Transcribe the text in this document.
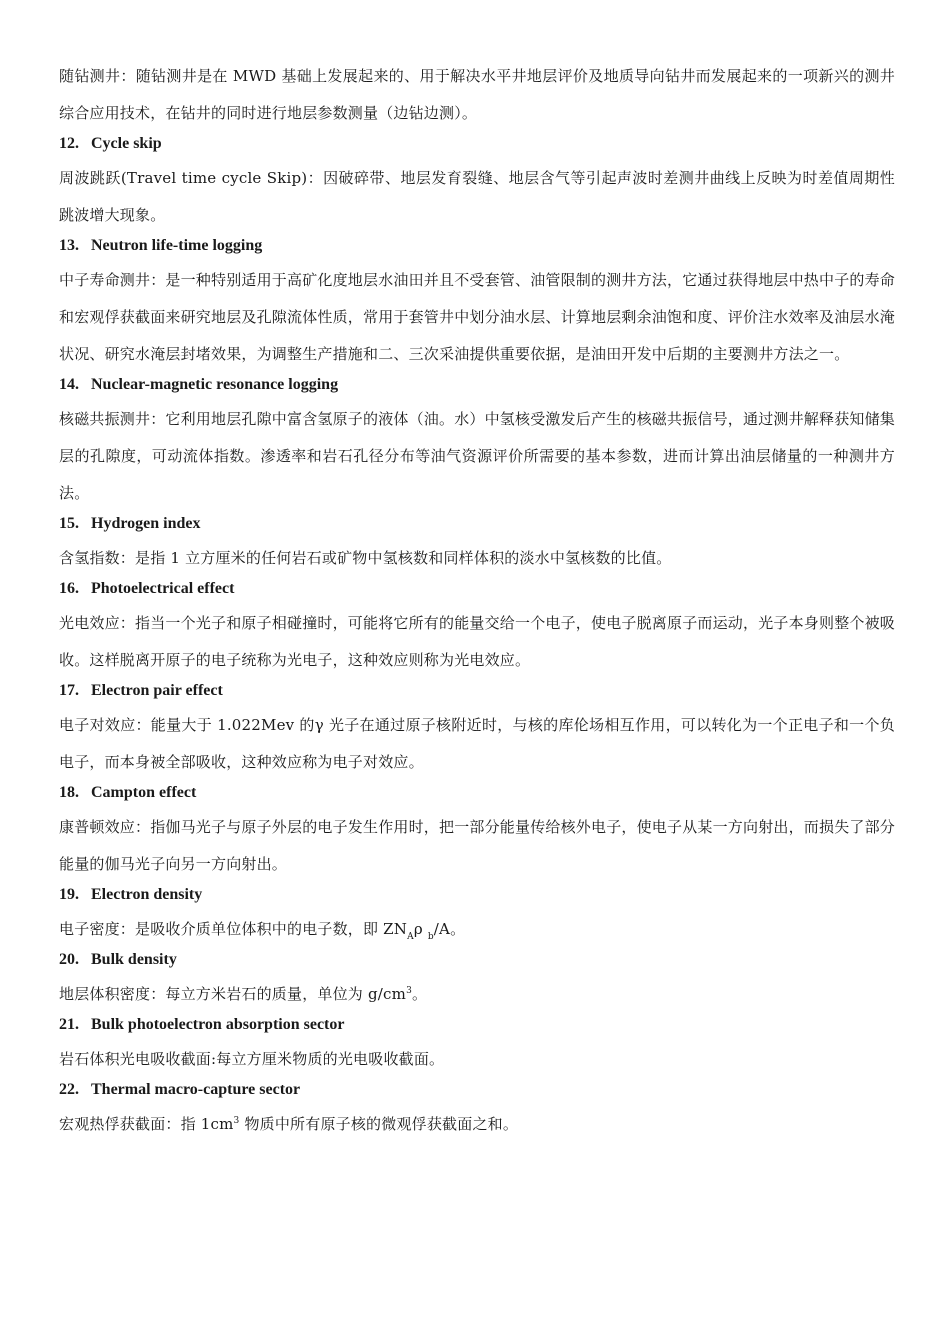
随钻测井：随钻测井是在 MWD 基础上发展起来的、用于解决水平井地层评价及地质导向钻井而发展起来的一项新兴的测井综合应用技术，在钻井的同时进行地层参数测量（边钻边测）。

12. Cycle skip

周波跳跃(Travel time cycle Skip)：因破碎带、地层发育裂缝、地层含气等引起声波时差测井曲线上反映为时差值周期性跳波增大现象。

13. Neutron life-time logging

中子寿命测井：是一种特别适用于高矿化度地层水油田并且不受套管、油管限制的测井方法，它通过获得地层中热中子的寿命和宏观俘获截面来研究地层及孔隙流体性质，常用于套管井中划分油水层、计算地层剩余油饱和度、评价注水效率及油层水淹状况、研究水淹层封堵效果，为调整生产措施和二、三次采油提供重要依据，是油田开发中后期的主要测井方法之一。

14. Nuclear-magnetic resonance logging

核磁共振测井：它利用地层孔隙中富含氢原子的液体（油。水）中氢核受激发后产生的核磁共振信号，通过测井解释获知储集层的孔隙度，可动流体指数。渗透率和岩石孔径分布等油气资源评价所需要的基本参数，进而计算出油层储量的一种测井方法。

15. Hydrogen index

含氢指数：是指 1 立方厘米的任何岩石或矿物中氢核数和同样体积的淡水中氢核数的比值。

16. Photoelectrical effect

光电效应：指当一个光子和原子相碰撞时，可能将它所有的能量交给一个电子，使电子脱离原子而运动，光子本身则整个被吸收。这样脱离开原子的电子统称为光电子，这种效应则称为光电效应。

17. Electron pair effect

电子对效应：能量大于 1.022Mev 的γ 光子在通过原子核附近时，与核的库伦场相互作用，可以转化为一个正电子和一个负电子，而本身被全部吸收，这种效应称为电子对效应。

18. Campton effect

康普顿效应：指伽马光子与原子外层的电子发生作用时，把一部分能量传给核外电子，使电子从某一方向射出，而损失了部分能量的伽马光子向另一方向射出。

19. Electron density

电子密度：是吸收介质单位体积中的电子数，即 $ZN_A\rho$ $_b$/A。

20. Bulk density

地层体积密度：每立方米岩石的质量，单位为 $g/cm^3$。

21. Bulk photoelectron absorption sector

岩石体积光电吸收截面:每立方厘米物质的光电吸收截面。

22. Thermal macro-capture sector

宏观热俘获截面：指 $1cm^3$ 物质中所有原子核的微观俘获截面之和。
